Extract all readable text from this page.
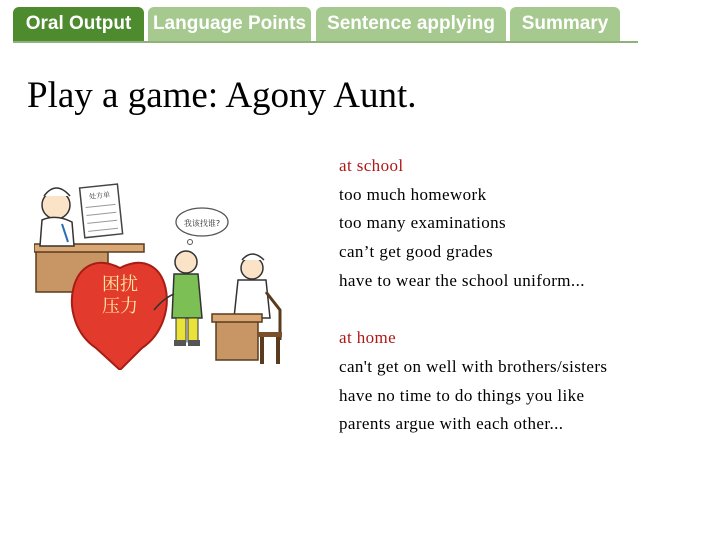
Oral Output	Language Points	Sentence applying	Summary
Play a game: Agony Aunt.
处方单
困扰
压力
我该找谁?
at school
too much homework
too many examinations
can’t get good grades
have to wear the school uniform...
at home
can't get on well with brothers/sisters
have no time to do things you like
parents argue with each other...
